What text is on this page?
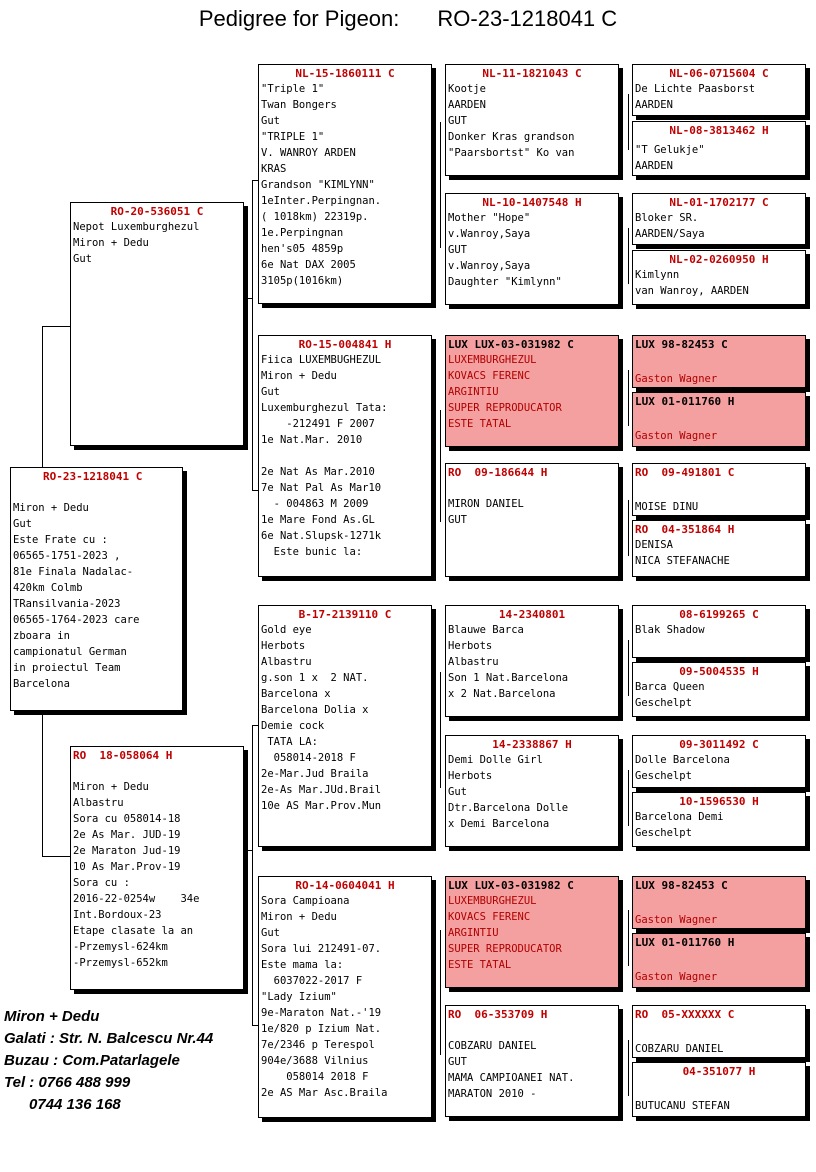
Pedigree for Pigeon: RO-23-1218041 C
RO-23-1218041 C
Miron + Dedu
Gut
Este Frate cu :
06565-1751-2023 ,
81e Finala Nadalac-
420km Colmb
TRansilvania-2023
06565-1764-2023 care
zboara in
campionatul German
in proiectul Team
Barcelona
RO-20-536051 C
Nepot Luxemburghezul
Miron + Dedu
Gut
RO  18-058064 H
Miron + Dedu
Albastru
Sora cu 058014-18
2e As Mar. JUD-19
2e Maraton Jud-19
10 As Mar.Prov-19
Sora cu :
2016-22-0254w    34e
Int.Bordoux-23
Etape clasate la an
-Przemysl-624km
-Przemysl-652km
NL-15-1860111 C
"Triple 1"
Twan Bongers
Gut
"TRIPLE 1"
V. WANROY ARDEN
KRAS
Grandson "KIMLYNN"
1eInter.Perpingnan.
( 1018km) 22319p.
1e.Perpingnan
hen's05 4859p
6e Nat DAX 2005
3105p(1016km)
RO-15-004841 H
Fiica LUXEMBUGHEZUL
Miron + Dedu
Gut
Luxemburghezul Tata:
-212491 F 2007
1e Nat.Mar. 2010
2e Nat As Mar.2010
7e Nat Pal As Mar10
- 004863 M 2009
1e Mare Fond As.GL
6e Nat.Slupsk-1271k
Este bunic la:
B-17-2139110 C
Gold eye
Herbots
Albastru
g.son 1 x  2 NAT.
Barcelona x
Barcelona Dolia x
Demie cock
TATA LA:
058014-2018 F
2e-Mar.Jud Braila
2e-As Mar.JUd.Brail
10e AS Mar.Prov.Mun
RO-14-0604041 H
Sora Campioana
Miron + Dedu
Gut
Sora lui 212491-07.
Este mama la:
6037022-2017 F
"Lady Izium"
9e-Maraton Nat.-'19
1e/820 p Izium Nat.
7e/2346 p Terespol
904e/3688 Vilnius
058014 2018 F
2e AS Mar Asc.Braila
NL-11-1821043 C
Kootje
AARDEN
GUT
Donker Kras grandson
"Paarsbortst" Ko van
NL-10-1407548 H
Mother "Hope"
v.Wanroy,Saya
GUT
v.Wanroy,Saya
Daughter "Kimlynn"
LUX LUX-03-031982 C
LUXEMBURGHEZUL
KOVACS FERENC
ARGINTIU
SUPER REPRODUCATOR
ESTE TATAL
RO  09-186644 H
MIRON DANIEL
GUT
14-2340801
Blauwe Barca
Herbots
Albastru
Son 1 Nat.Barcelona
x 2 Nat.Barcelona
14-2338867 H
Demi Dolle Girl
Herbots
Gut
Dtr.Barcelona Dolle
x Demi Barcelona
LUX LUX-03-031982 C
LUXEMBURGHEZUL
KOVACS FERENC
ARGINTIU
SUPER REPRODUCATOR
ESTE TATAL
RO  06-353709 H
COBZARU DANIEL
GUT
MAMA CAMPIOANEI NAT.
MARATON 2010 -
NL-06-0715604 C
De Lichte Paasborst
AARDEN
NL-08-3813462 H
"T Gelukje"
AARDEN
NL-01-1702177 C
Bloker SR.
AARDEN/Saya
NL-02-0260950 H
Kimlynn
van Wanroy, AARDEN
LUX 98-82453 C
Gaston Wagner
LUX 01-011760 H
Gaston Wagner
RO  09-491801 C
MOISE DINU
RO  04-351864 H
DENISA
NICA STEFANACHE
08-6199265 C
Blak Shadow
09-5004535 H
Barca Queen
Geschelpt
09-3011492 C
Dolle Barcelona
Geschelpt
10-1596530 H
Barcelona Demi
Geschelpt
LUX 98-82453 C
Gaston Wagner
LUX 01-011760 H
Gaston Wagner
RO  05-XXXXXX C
COBZARU DANIEL
04-351077 H
BUTUCANU STEFAN
Miron + Dedu
Galati : Str. N. Balcescu Nr.44
Buzau : Com.Patarlagele
Tel : 0766 488 999
0744 136 168
